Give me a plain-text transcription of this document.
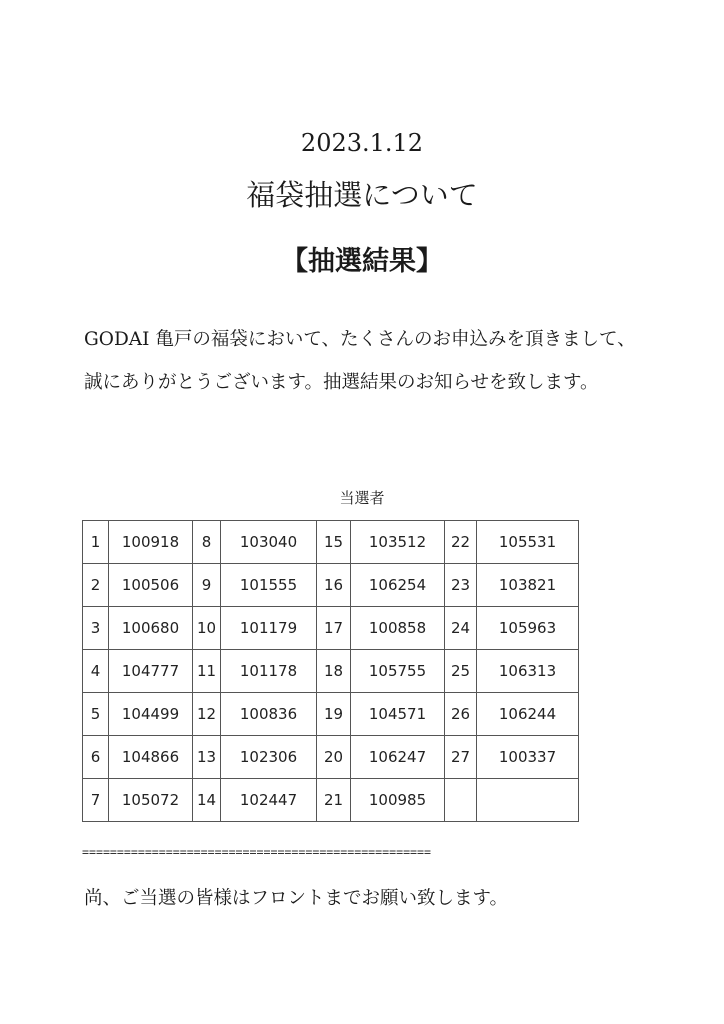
2023.1.12
福袋抽選について
【抽選結果】
GODAI 亀戸の福袋において、たくさんのお申込みを頂きまして、
誠にありがとうございます。抽選結果のお知らせを致します。
当選者
1	100918	8	103040	15	103512	22	105531
2	100506	9	101555	16	106254	23	103821
3	100680	10	101179	17	100858	24	105963
4	104777	11	101178	18	105755	25	106313
5	104499	12	100836	19	104571	26	106244
6	104866	13	102306	20	106247	27	100337
7	105072	14	102447	21	100985		
==================================================
尚、ご当選の皆様はフロントまでお願い致します。
